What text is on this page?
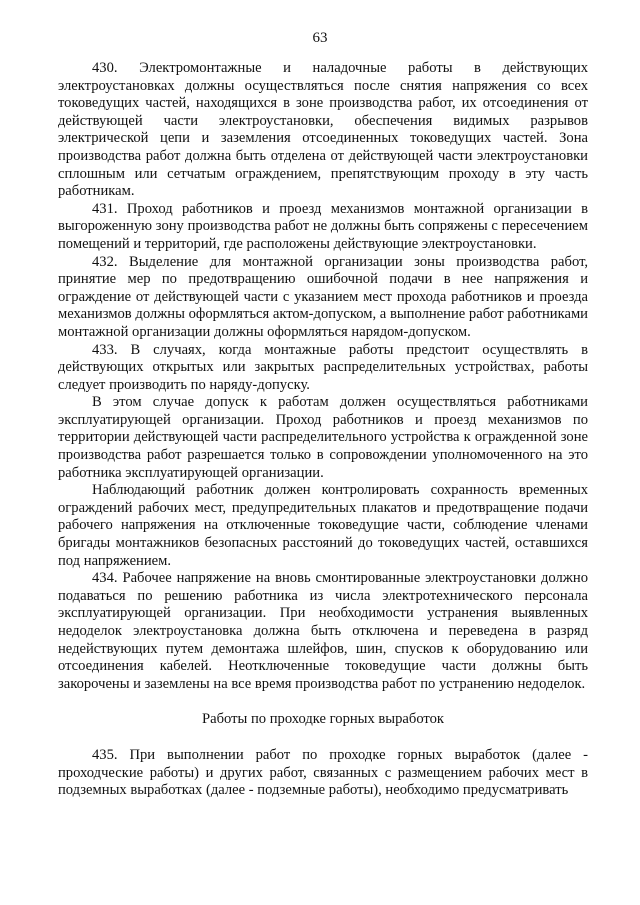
63

430. Электромонтажные и наладочные работы в действующих электроустановках должны осуществляться после снятия напряжения со всех токоведущих частей, находящихся в зоне производства работ, их отсоединения от действующей части электроустановки, обеспечения видимых разрывов электрической цепи и заземления отсоединенных токоведущих частей. Зона производства работ должна быть отделена от действующей части электроустановки сплошным или сетчатым ограждением, препятствующим проходу в эту часть работникам.

431. Проход работников и проезд механизмов монтажной организации в выгороженную зону производства работ не должны быть сопряжены с пересечением помещений и территорий, где расположены действующие электроустановки.

432. Выделение для монтажной организации зоны производства работ, принятие мер по предотвращению ошибочной подачи в нее напряжения и ограждение от действующей части с указанием мест прохода работников и проезда механизмов должны оформляться актом-допуском, а выполнение работ работниками монтажной организации должны оформляться нарядом-допуском.

433. В случаях, когда монтажные работы предстоит осуществлять в действующих открытых или закрытых распределительных устройствах, работы следует производить по наряду-допуску.

В этом случае допуск к работам должен осуществляться работниками эксплуатирующей организации. Проход работников и проезд механизмов по территории действующей части распределительного устройства к огражденной зоне производства работ разрешается только в сопровождении уполномоченного на это работника эксплуатирующей организации.

Наблюдающий работник должен контролировать сохранность временных ограждений рабочих мест, предупредительных плакатов и предотвращение подачи рабочего напряжения на отключенные токоведущие части, соблюдение членами бригады монтажников безопасных расстояний до токоведущих частей, оставшихся под напряжением.

434. Рабочее напряжение на вновь смонтированные электроустановки должно подаваться по решению работника из числа электротехнического персонала эксплуатирующей организации. При необходимости устранения выявленных недоделок электроустановка должна быть отключена и переведена в разряд недействующих путем демонтажа шлейфов, шин, спусков к оборудованию или отсоединения кабелей. Неотключенные токоведущие части должны быть закорочены и заземлены на все время производства работ по устранению недоделок.

Работы по проходке горных выработок

435. При выполнении работ по проходке горных выработок (далее - проходческие работы) и других работ, связанных с размещением рабочих мест в подземных выработках (далее - подземные работы), необходимо предусматривать
